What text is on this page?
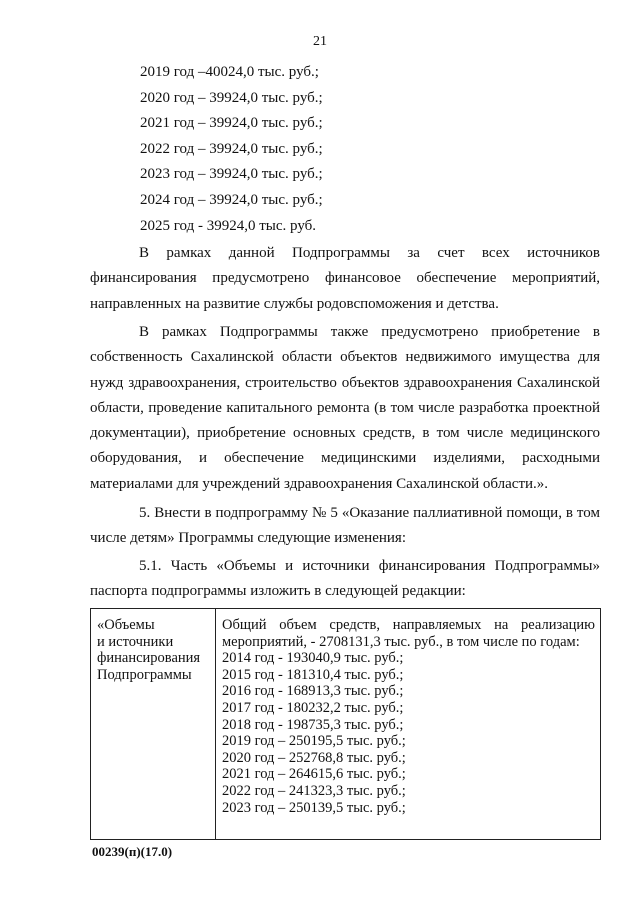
21
2019 год –40024,0 тыс. руб.;
2020 год – 39924,0 тыс. руб.;
2021 год – 39924,0 тыс. руб.;
2022 год – 39924,0 тыс. руб.;
2023 год – 39924,0 тыс. руб.;
2024 год – 39924,0 тыс. руб.;
2025 год - 39924,0 тыс. руб.

В рамках данной Подпрограммы за счет всех источников финансирования предусмотрено финансовое обеспечение мероприятий, направленных на развитие службы родовспоможения и детства.

В рамках Подпрограммы также предусмотрено приобретение в собственность Сахалинской области объектов недвижимого имущества для нужд здравоохранения, строительство объектов здравоохранения Сахалинской области, проведение капитального ремонта (в том числе разработка проектной документации), приобретение основных средств, в том числе медицинского оборудования, и обеспечение медицинскими изделиями, расходными материалами для учреждений здравоохранения Сахалинской области.».

5. Внести в подпрограмму № 5 «Оказание паллиативной помощи, в том числе детям» Программы следующие изменения:

5.1. Часть «Объемы и источники финансирования Подпрограммы» паспорта подпрограммы изложить в следующей редакции:

«Объемы
и источники
финансирования
Подпрограммы
Общий объем средств, направляемых на реализацию мероприятий, - 2708131,3 тыс. руб., в том числе по годам:
2014 год - 193040,9 тыс. руб.;
2015 год - 181310,4 тыс. руб.;
2016 год - 168913,3 тыс. руб.;
2017 год - 180232,2 тыс. руб.;
2018 год - 198735,3 тыс. руб.;
2019 год – 250195,5 тыс. руб.;
2020 год – 252768,8 тыс. руб.;
2021 год – 264615,6 тыс. руб.;
2022 год – 241323,3 тыс. руб.;
2023 год – 250139,5 тыс. руб.;
00239(п)(17.0)
